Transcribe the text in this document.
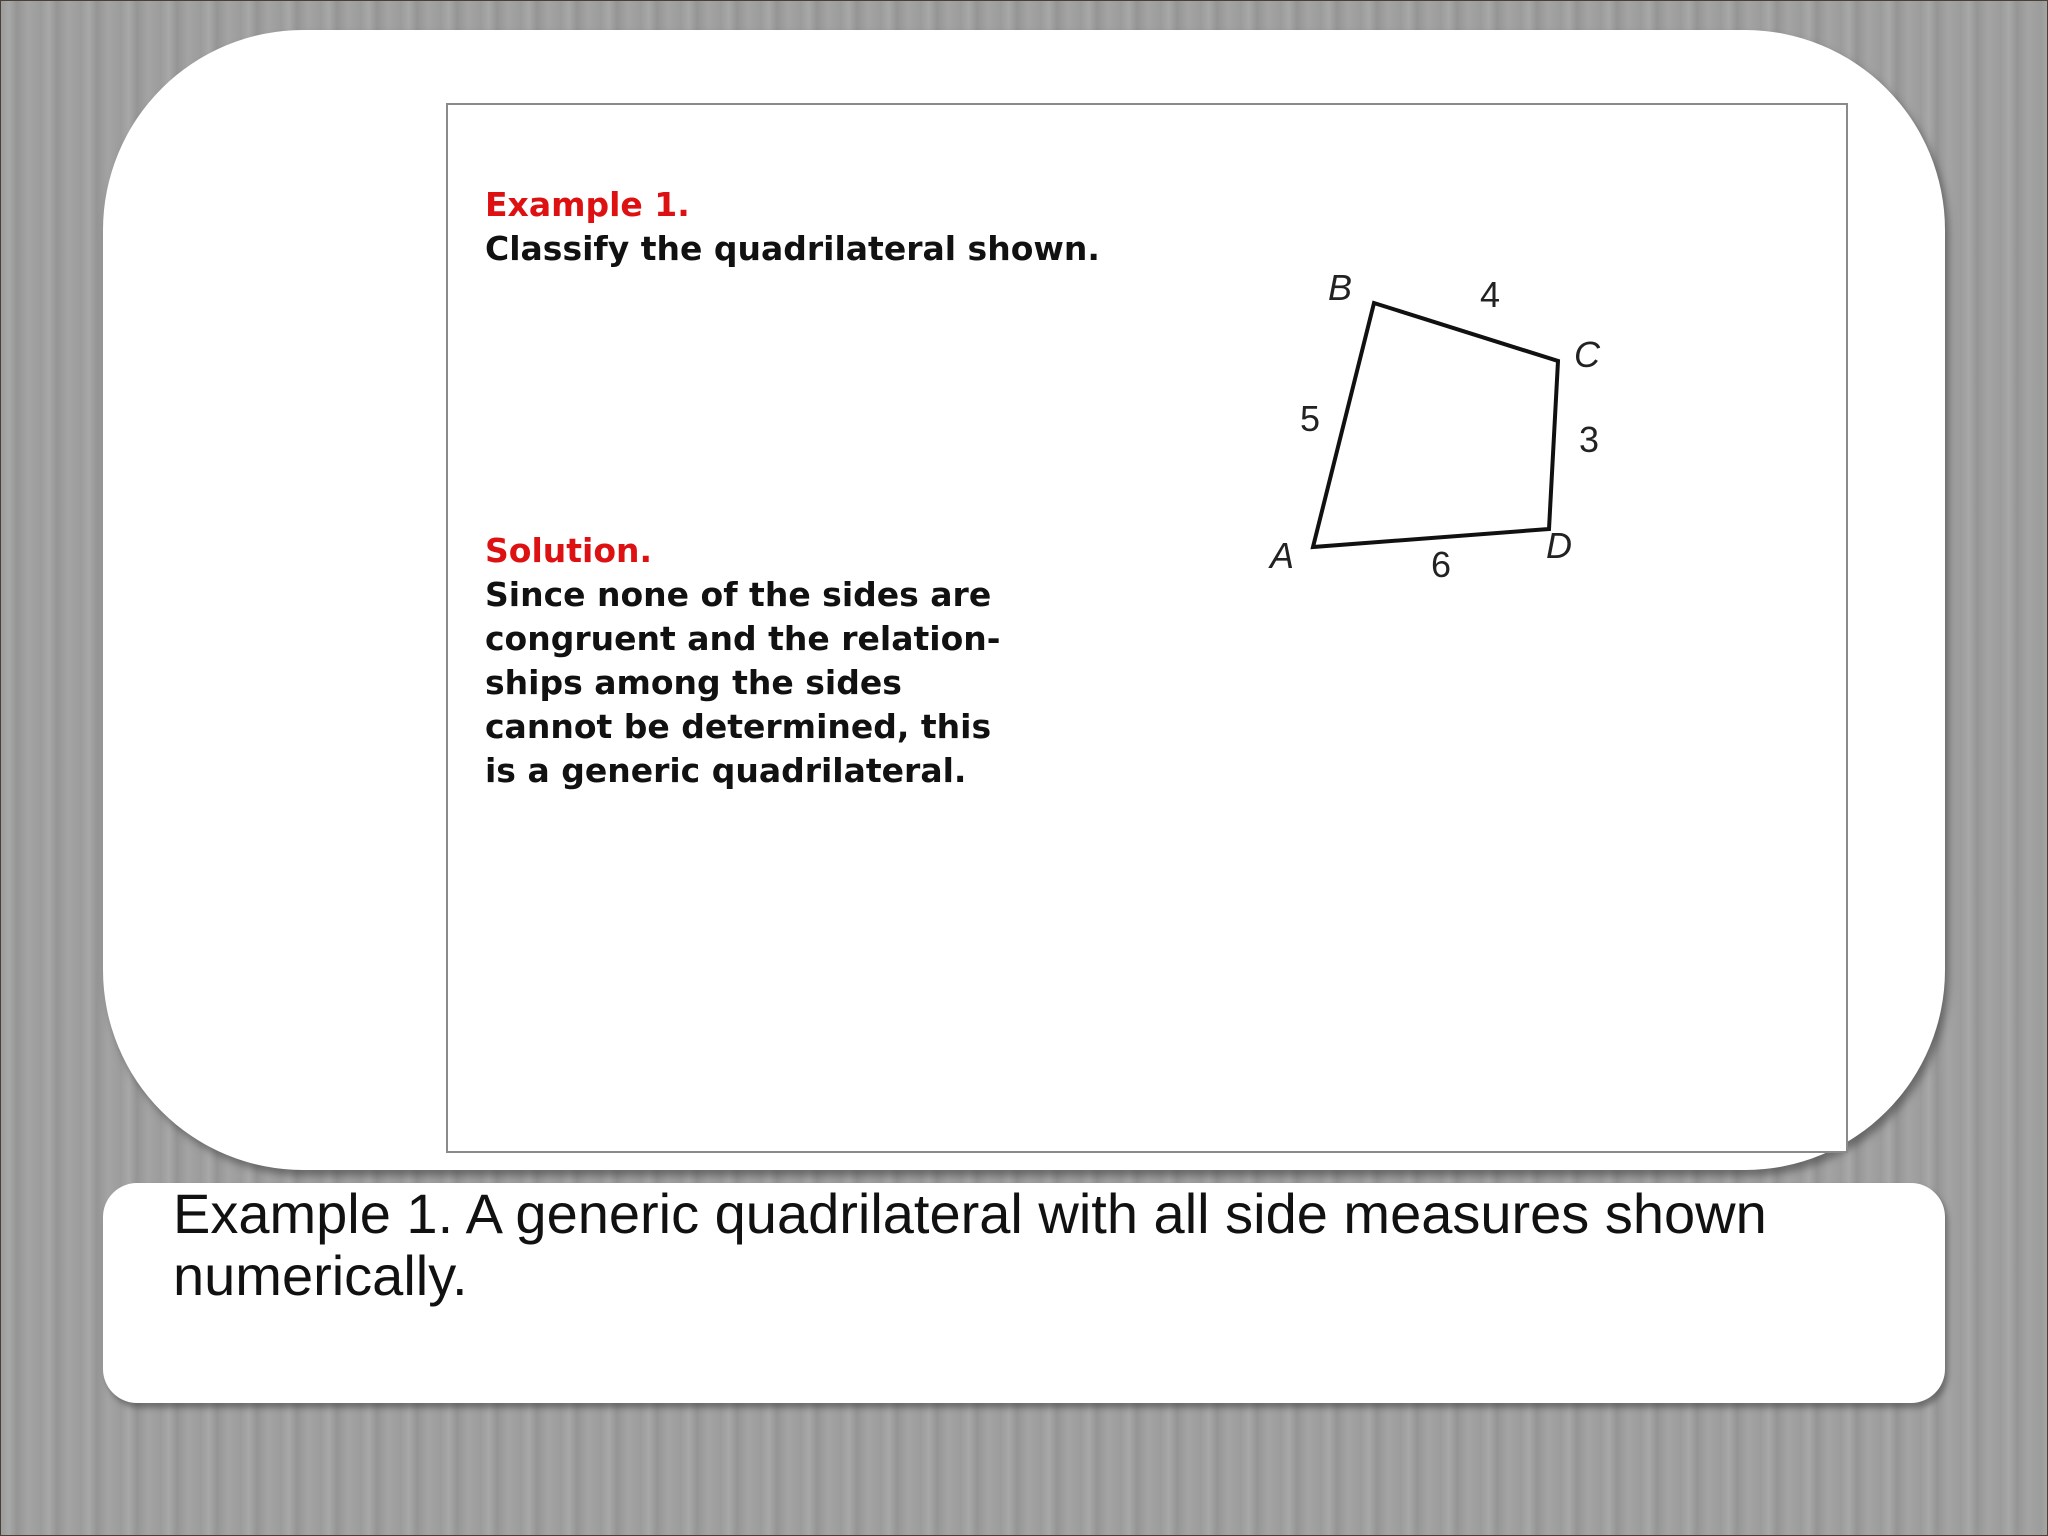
Example 1.
Classify the quadrilateral shown.
Solution.
Since none of the sides are
congruent and the relation-
ships among the sides
cannot be determined, this
is a generic quadrilateral.
A
B
C
D
5
4
3
6
Example 1. A generic quadrilateral with all side measures shown numerically.
